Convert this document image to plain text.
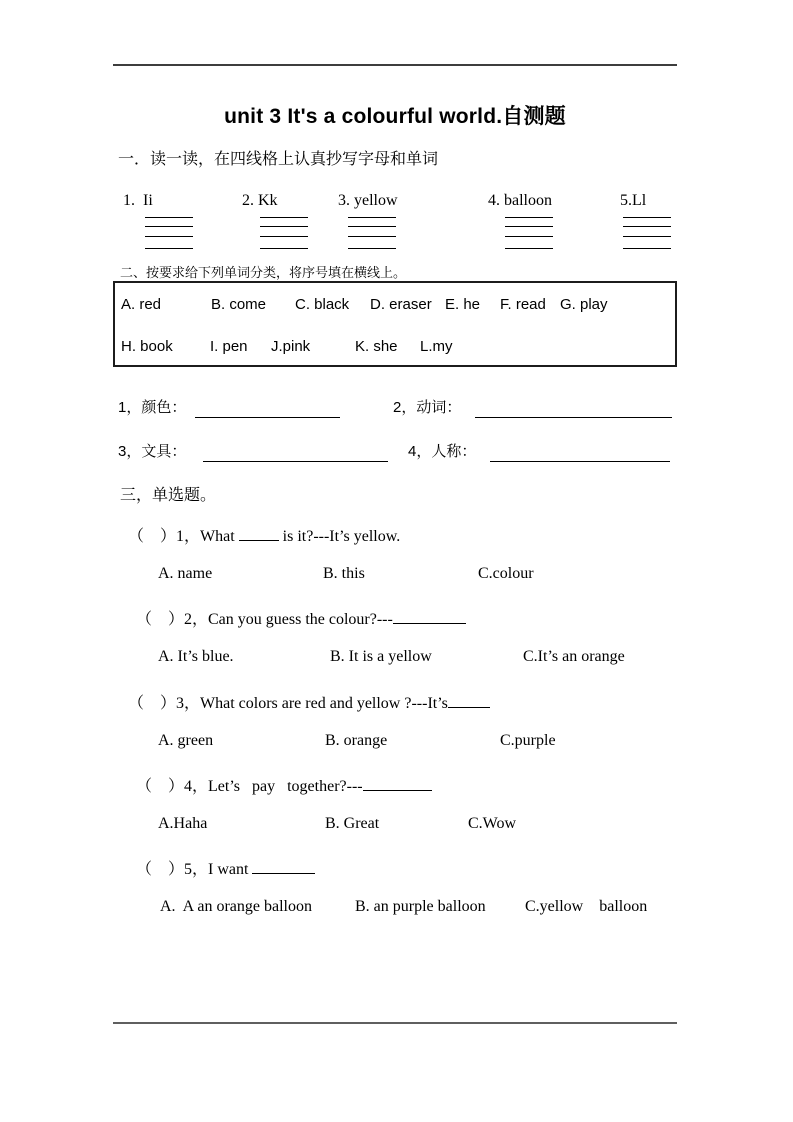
unit 3 It's a colourful world.自测题
一．读一读，在四线格上认真抄写字母和单词
1.  Ii	2. Kk	3. yellow	4. balloon	5.Ll
二、按要求给下列单词分类，将序号填在横线上。
A. red	B. come C. black D. eraser E. he F. read G. play
H. book I. pen J.pink	K. she L.my
1，颜色：	2，动词：
3，文具：	4，人称：
三，单选题。
（    ）1，What	is it?---It’s yellow.
A. name	B. this	C.colour
（    ）2，Can you guess the colour?---
A. It’s blue.	B. It is a yellow	C.It’s an orange
（    ）3，What colors are red and yellow ?---It’s
A. green	B. orange	C.purple
（    ）4，Let’s   pay   together?---
A.Haha	B. Great	C.Wow
（    ）5，I want
A.  A an orange balloon	B. an purple balloon C.yellow    balloon
